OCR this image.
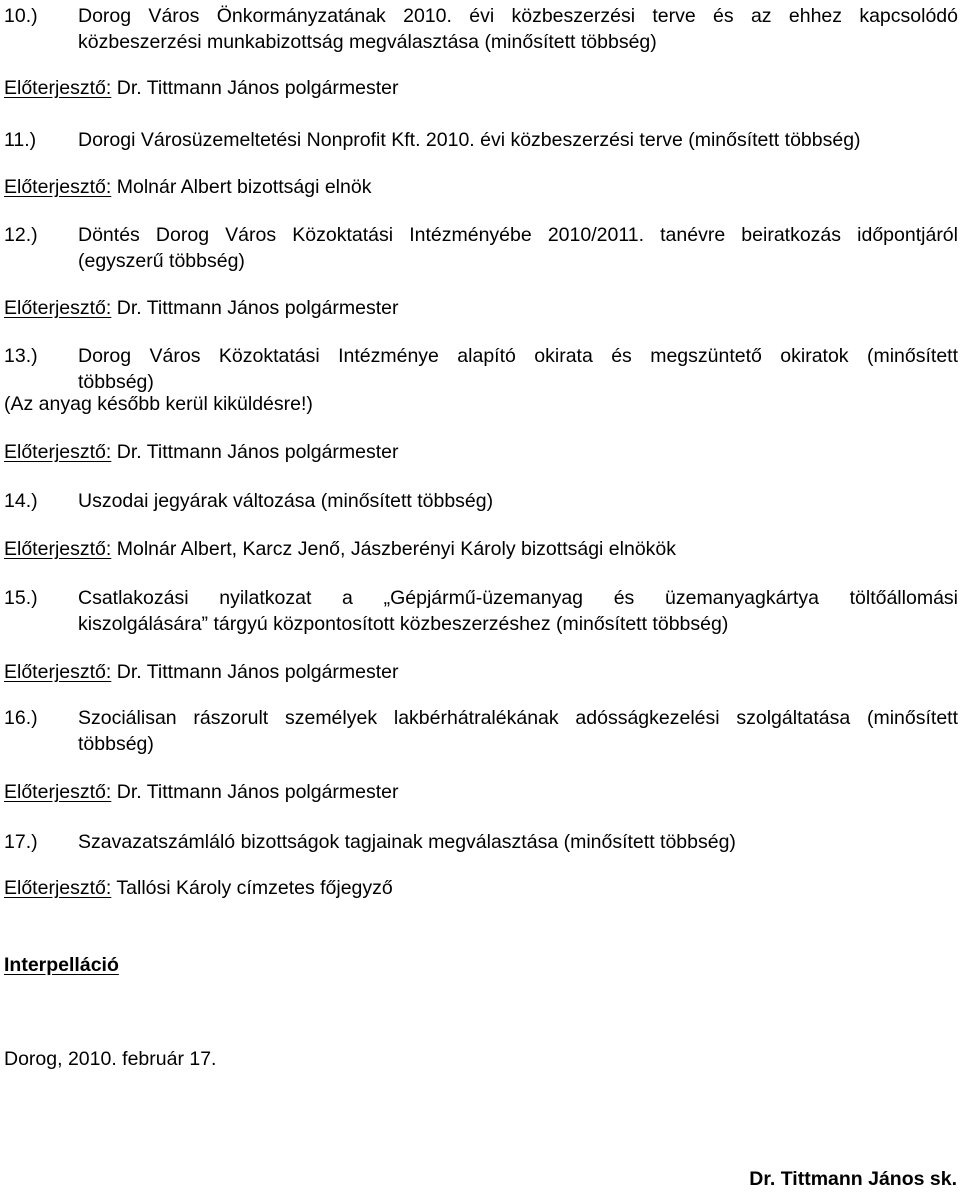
10.)	Dorog Város Önkormányzatának 2010. évi közbeszerzési terve és az ehhez kapcsolódó
közbeszerzési munkabizottság megválasztása (minősített többség)
Előterjesztő: Dr. Tittmann János polgármester
11.)	Dorogi Városüzemeltetési Nonprofit Kft. 2010. évi közbeszerzési terve (minősített többség)
Előterjesztő: Molnár Albert bizottsági elnök
12.)	Döntés Dorog Város Közoktatási Intézményébe 2010/2011. tanévre beiratkozás időpontjáról
(egyszerű többség)
Előterjesztő: Dr. Tittmann János polgármester
13.)	Dorog Város Közoktatási Intézménye alapító okirata és megszüntető okiratok (minősített
többség)
(Az anyag később kerül kiküldésre!)
Előterjesztő: Dr. Tittmann János polgármester
14.)	Uszodai jegyárak változása (minősített többség)
Előterjesztő: Molnár Albert, Karcz Jenő, Jászberényi Károly bizottsági elnökök
15.)	Csatlakozási nyilatkozat a „Gépjármű-üzemanyag és üzemanyagkártya töltőállomási
kiszolgálására” tárgyú központosított közbeszerzéshez (minősített többség)
Előterjesztő: Dr. Tittmann János polgármester
16.)	Szociálisan rászorult személyek lakbérhátralékának adósságkezelési szolgáltatása (minősített
többség)
Előterjesztő: Dr. Tittmann János polgármester
17.)	Szavazatszámláló bizottságok tagjainak megválasztása (minősített többség)
Előterjesztő: Tallósi Károly címzetes főjegyző
Interpelláció
Dorog, 2010. február 17.
Dr. Tittmann János sk.
